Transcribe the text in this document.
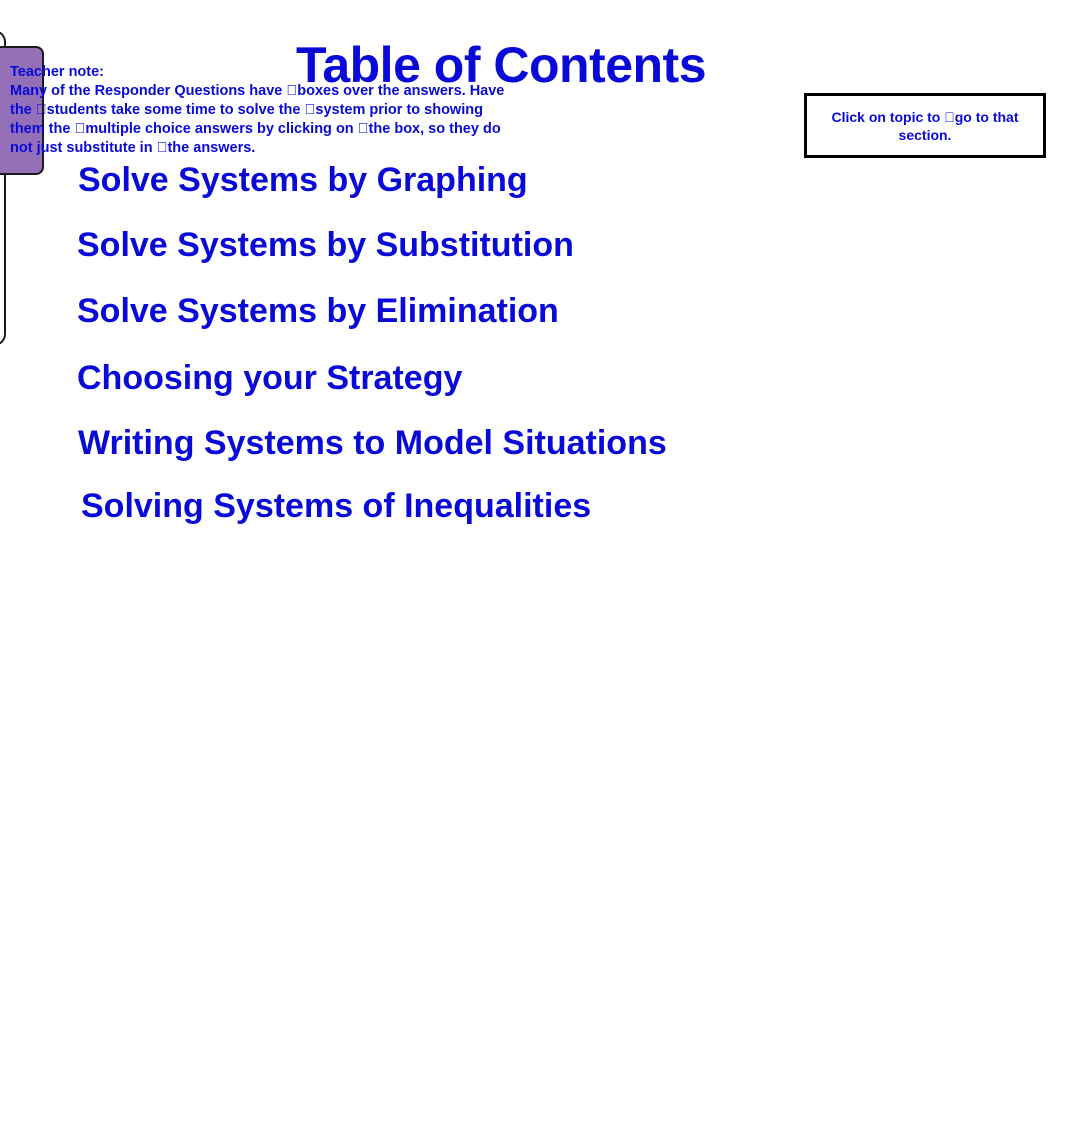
Table of Contents
Teacher note:
Many of the Responder Questions have boxes over the answers. Have
the students take some time to solve the system prior to showing
them the multiple choice answers by clicking on the box, so they do
not just substitute in the answers.
Click on topic to go to that section.
Solve Systems by Graphing
Solve Systems by Substitution
Solve Systems by Elimination
Choosing your Strategy
Writing Systems to Model Situations
Solving Systems of Inequalities
